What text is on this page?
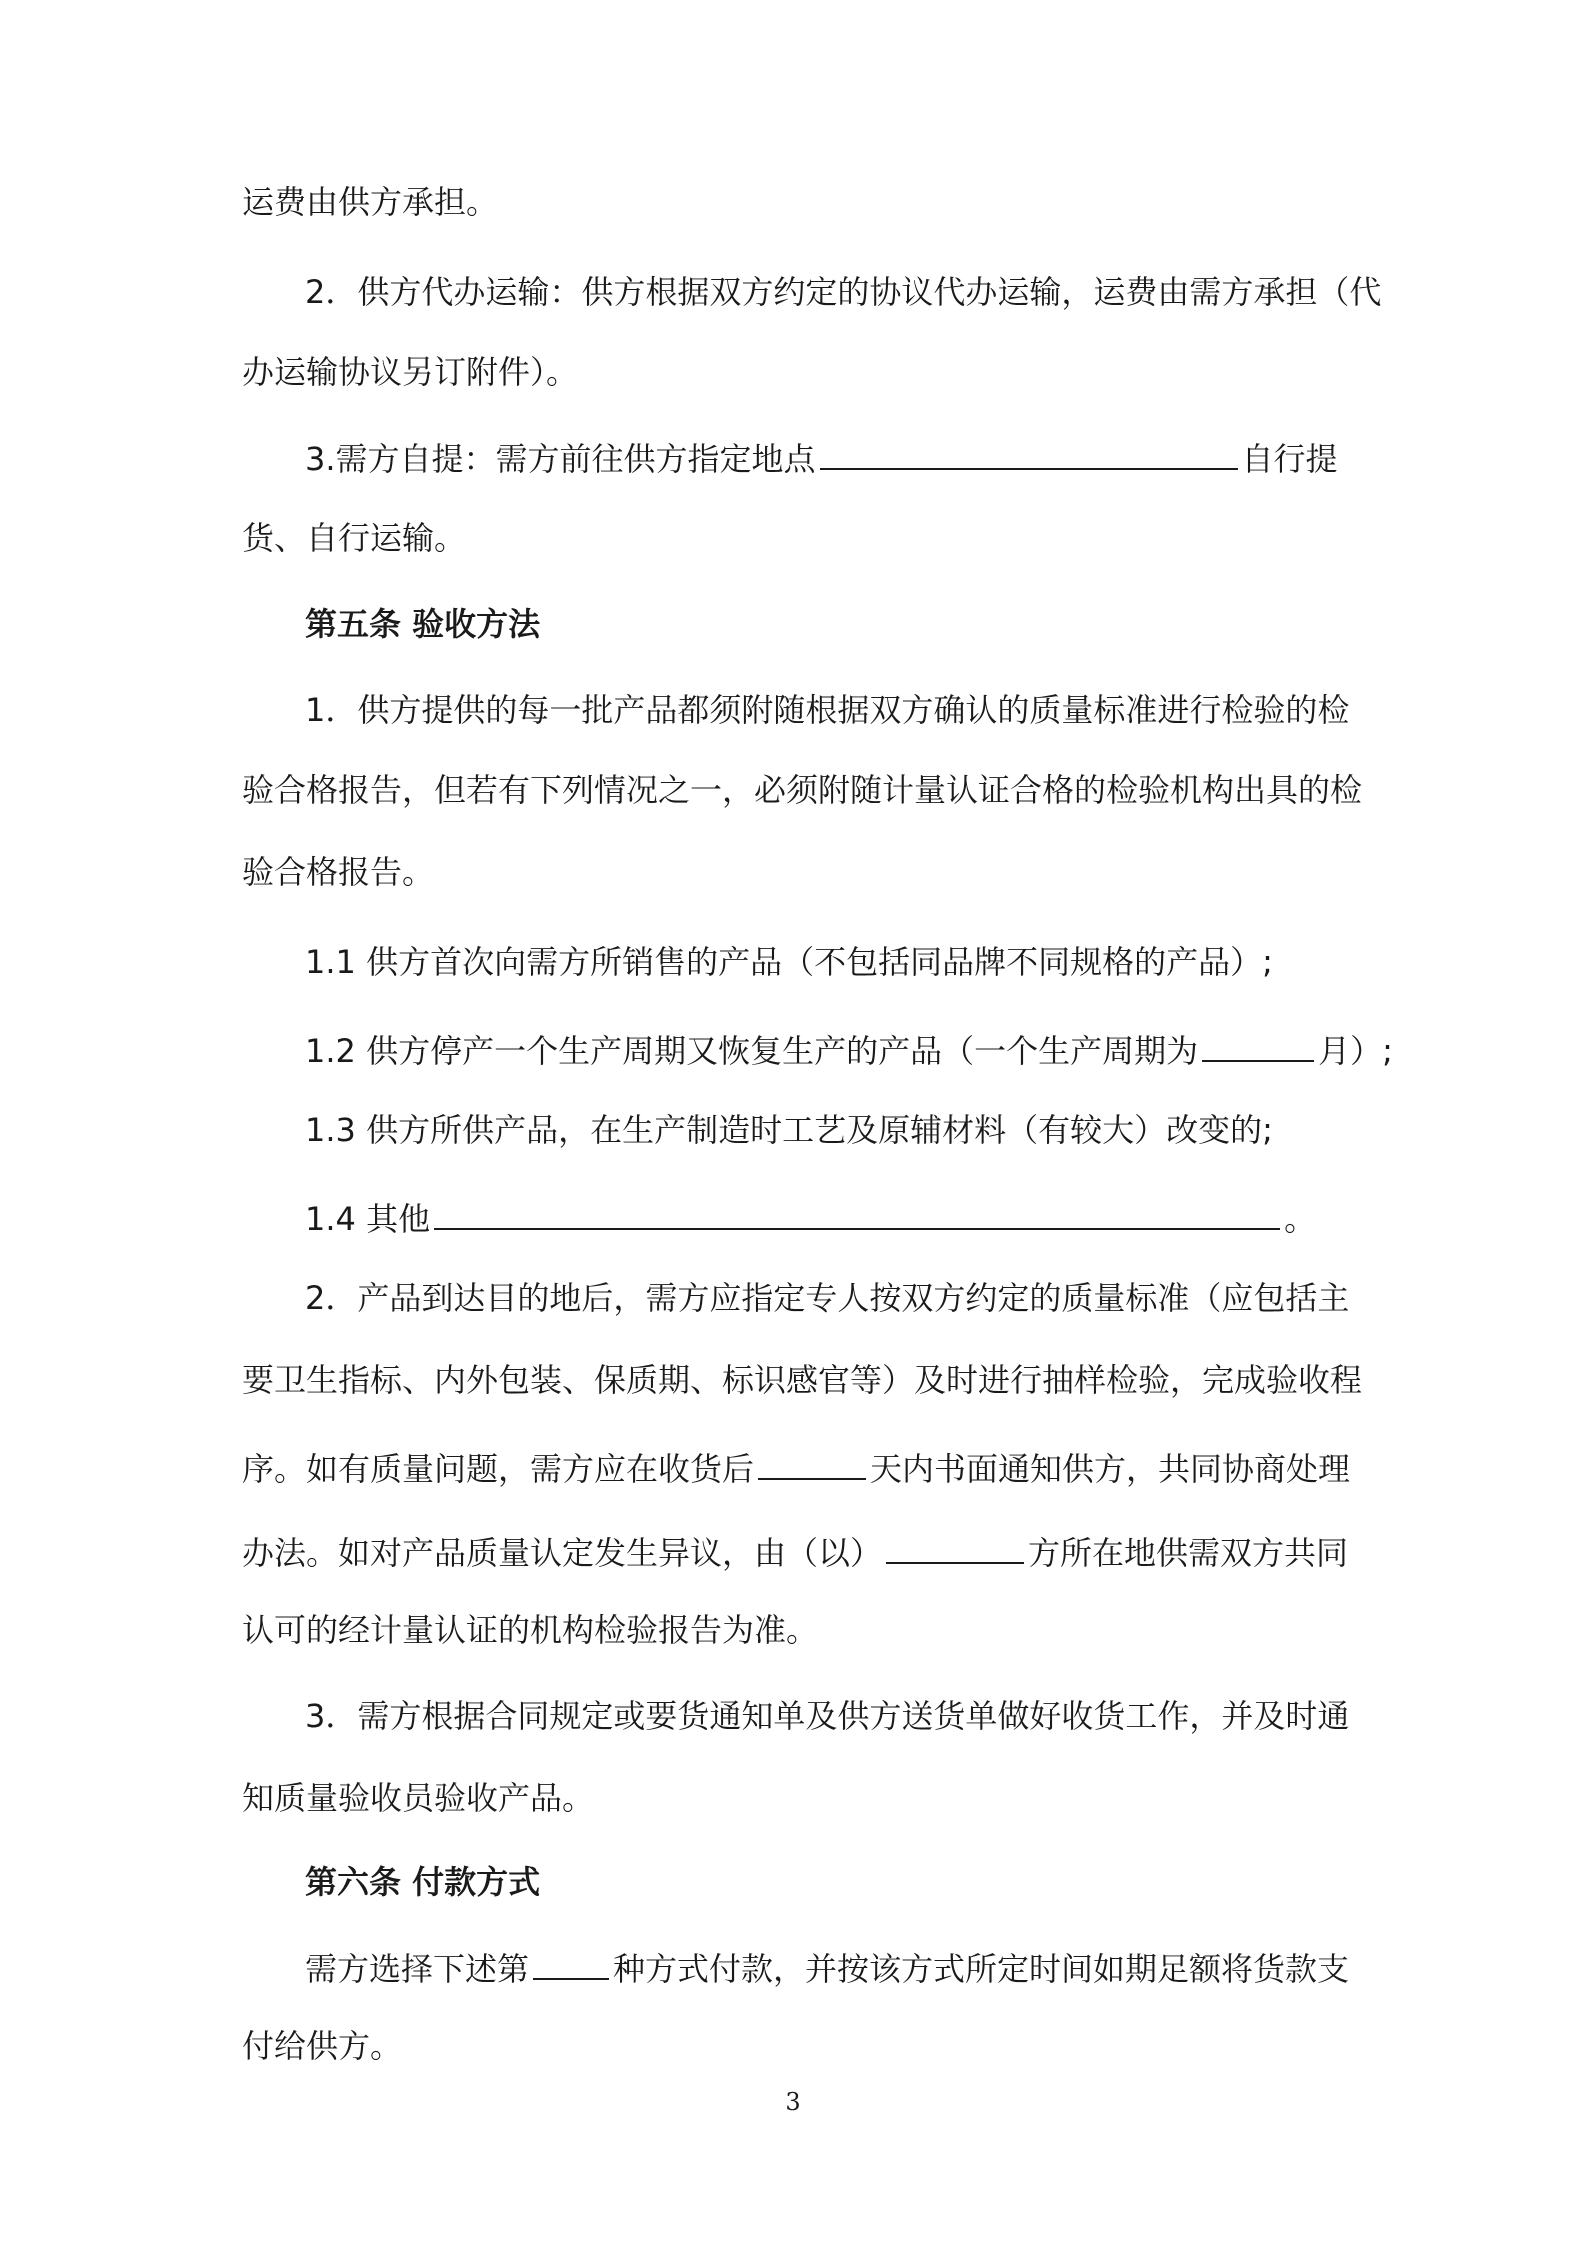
运费由供方承担。
2．供方代办运输：供方根据双方约定的协议代办运输，运费由需方承担（代
办运输协议另订附件）。
3.需方自提：需方前往供方指定地点	自行提
货、自行运输。
第五条 验收方法
1．供方提供的每一批产品都须附随根据双方确认的质量标准进行检验的检
验合格报告，但若有下列情况之一，必须附随计量认证合格的检验机构出具的检
验合格报告。
1.1 供方首次向需方所销售的产品（不包括同品牌不同规格的产品）;
1.2 供方停产一个生产周期又恢复生产的产品（一个生产周期为	月）;
1.3 供方所供产品，在生产制造时工艺及原辅材料（有较大）改变的;
1.4 其他	。
2．产品到达目的地后，需方应指定专人按双方约定的质量标准（应包括主
要卫生指标、内外包装、保质期、标识感官等）及时进行抽样检验，完成验收程
序。如有质量问题，需方应在收货后	天内书面通知供方，共同协商处理
办法。如对产品质量认定发生异议，由（以）	方所在地供需双方共同
认可的经计量认证的机构检验报告为准。
3．需方根据合同规定或要货通知单及供方送货单做好收货工作，并及时通
知质量验收员验收产品。
第六条 付款方式
需方选择下述第	种方式付款，并按该方式所定时间如期足额将货款支
付给供方。
3
